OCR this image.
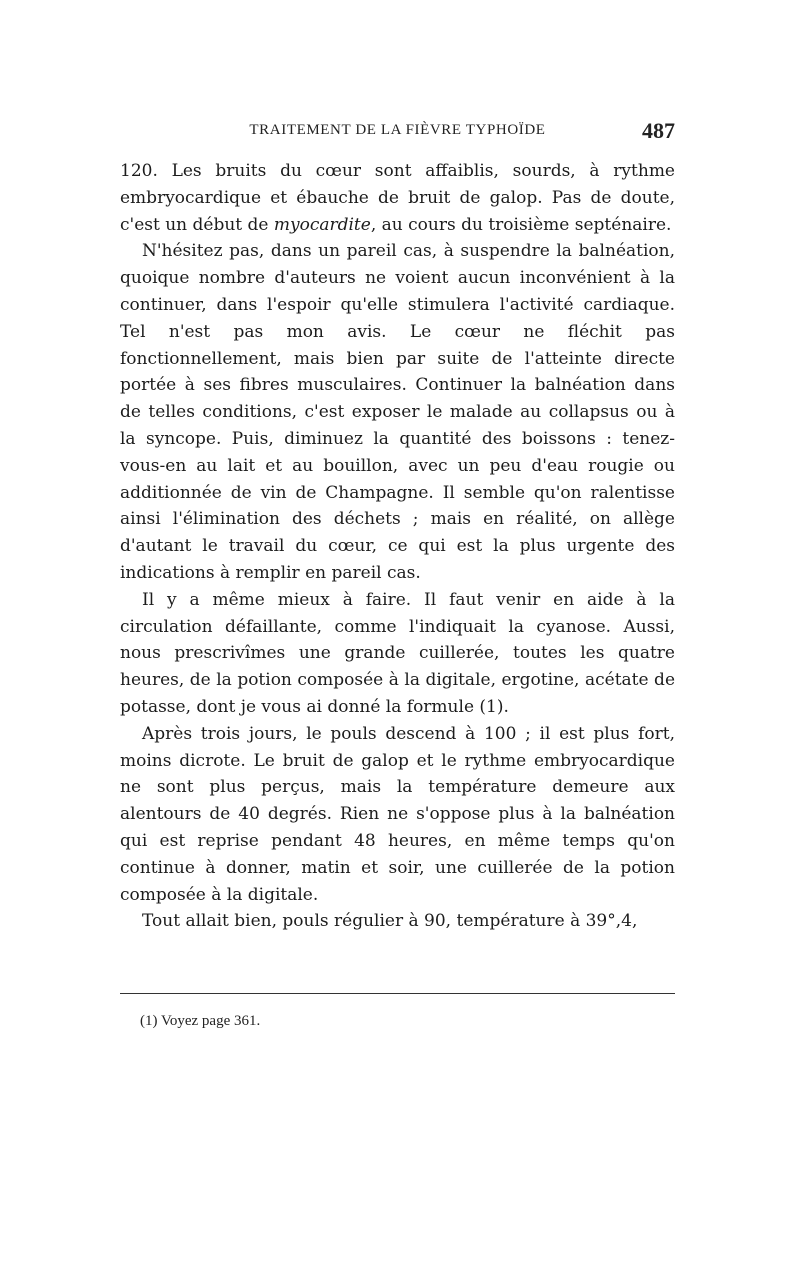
TRAITEMENT DE LA FIÈVRE TYPHOÏDE	487

120. Les bruits du cœur sont affaiblis, sourds, à rythme embryocardique et ébauche de bruit de galop. Pas de doute, c'est un début de myocardite, au cours du troisième septénaire.

N'hésitez pas, dans un pareil cas, à suspendre la balnéation, quoique nombre d'auteurs ne voient aucun inconvénient à la continuer, dans l'espoir qu'elle stimulera l'activité cardiaque. Tel n'est pas mon avis. Le cœur ne fléchit pas fonctionnellement, mais bien par suite de l'atteinte directe portée à ses fibres musculaires. Continuer la balnéation dans de telles conditions, c'est exposer le malade au collapsus ou à la syncope. Puis, diminuez la quantité des boissons : tenez-vous-en au lait et au bouillon, avec un peu d'eau rougie ou additionnée de vin de Champagne. Il semble qu'on ralentisse ainsi l'élimination des déchets ; mais en réalité, on allège d'autant le travail du cœur, ce qui est la plus urgente des indications à remplir en pareil cas.

Il y a même mieux à faire. Il faut venir en aide à la circulation défaillante, comme l'indiquait la cyanose. Aussi, nous prescrivîmes une grande cuillerée, toutes les quatre heures, de la potion composée à la digitale, ergotine, acétate de potasse, dont je vous ai donné la formule (1).

Après trois jours, le pouls descend à 100 ; il est plus fort, moins dicrote. Le bruit de galop et le rythme embryocardique ne sont plus perçus, mais la température demeure aux alentours de 40 degrés. Rien ne s'oppose plus à la balnéation qui est reprise pendant 48 heures, en même temps qu'on continue à donner, matin et soir, une cuillerée de la potion composée à la digitale.

Tout allait bien, pouls régulier à 90, température à 39°,4,

(1) Voyez page 361.
